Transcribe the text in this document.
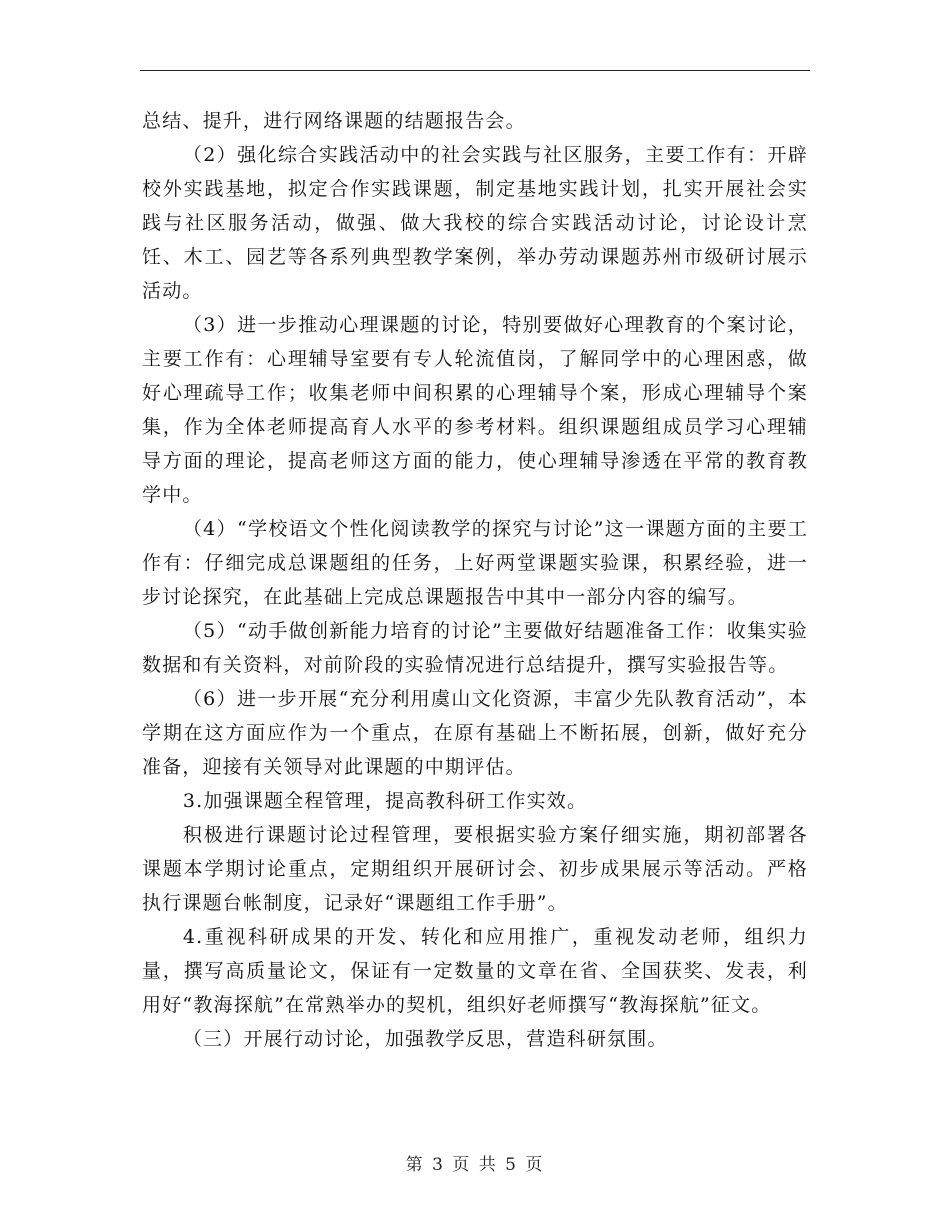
总结、提升，进行网络课题的结题报告会。

（2）强化综合实践活动中的社会实践与社区服务，主要工作有：开辟校外实践基地，拟定合作实践课题，制定基地实践计划，扎实开展社会实践与社区服务活动，做强、做大我校的综合实践活动讨论，讨论设计烹饪、木工、园艺等各系列典型教学案例，举办劳动课题苏州市级研讨展示活动。

（3）进一步推动心理课题的讨论，特别要做好心理教育的个案讨论，主要工作有：心理辅导室要有专人轮流值岗，了解同学中的心理困惑，做好心理疏导工作；收集老师中间积累的心理辅导个案，形成心理辅导个案集，作为全体老师提高育人水平的参考材料。组织课题组成员学习心理辅导方面的理论，提高老师这方面的能力，使心理辅导渗透在平常的教育教学中。

（4）“学校语文个性化阅读教学的探究与讨论”这一课题方面的主要工作有：仔细完成总课题组的任务，上好两堂课题实验课，积累经验，进一步讨论探究，在此基础上完成总课题报告中其中一部分内容的编写。

（5）“动手做创新能力培育的讨论”主要做好结题准备工作：收集实验数据和有关资料，对前阶段的实验情况进行总结提升，撰写实验报告等。

（6）进一步开展“充分利用虞山文化资源，丰富少先队教育活动”，本学期在这方面应作为一个重点，在原有基础上不断拓展，创新，做好充分准备，迎接有关领导对此课题的中期评估。

3.加强课题全程管理，提高教科研工作实效。

积极进行课题讨论过程管理，要根据实验方案仔细实施，期初部署各课题本学期讨论重点，定期组织开展研讨会、初步成果展示等活动。严格执行课题台帐制度，记录好“课题组工作手册”。

4.重视科研成果的开发、转化和应用推广，重视发动老师，组织力量，撰写高质量论文，保证有一定数量的文章在省、全国获奖、发表，利用好“教海探航”在常熟举办的契机，组织好老师撰写“教海探航”征文。

（三）开展行动讨论，加强教学反思，营造科研氛围。

第 3 页 共 5 页
